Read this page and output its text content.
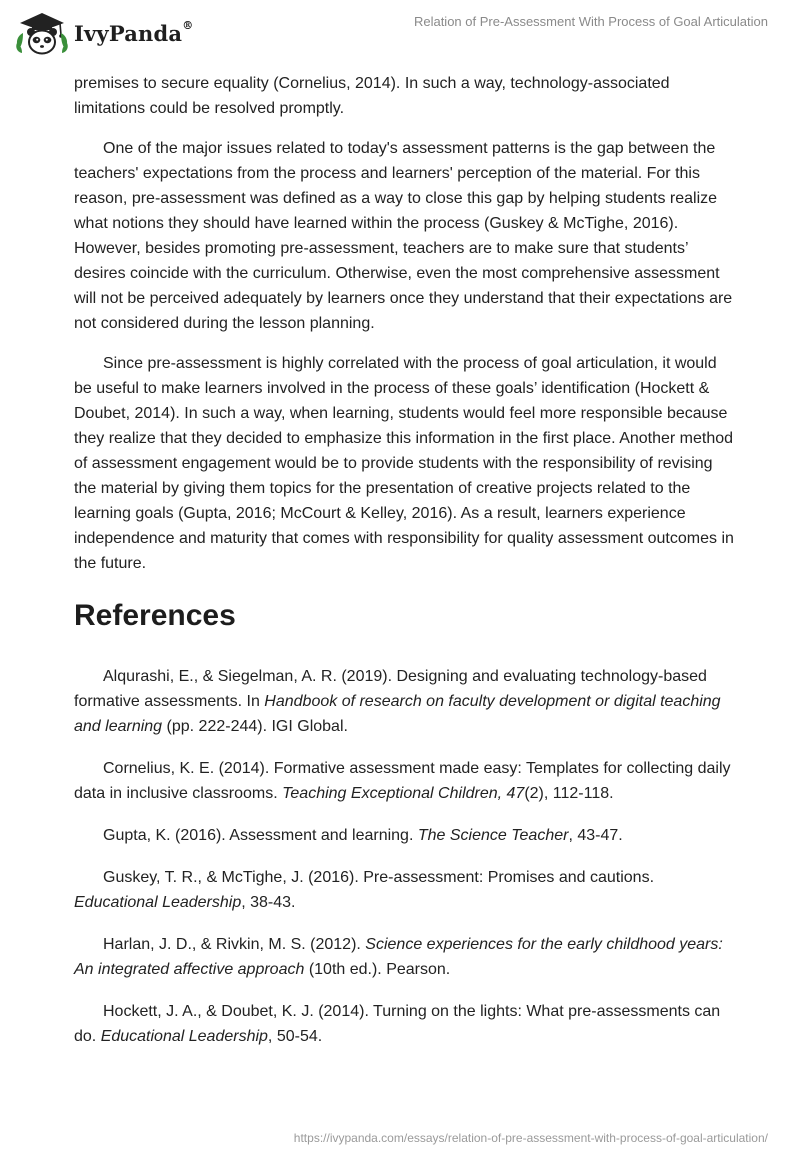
IvyPanda®	Relation of Pre-Assessment With Process of Goal Articulation

premises to secure equality (Cornelius, 2014). In such a way, technology-associated limitations could be resolved promptly.

One of the major issues related to today's assessment patterns is the gap between the teachers' expectations from the process and learners' perception of the material. For this reason, pre-assessment was defined as a way to close this gap by helping students realize what notions they should have learned within the process (Guskey & McTighe, 2016). However, besides promoting pre-assessment, teachers are to make sure that students’ desires coincide with the curriculum. Otherwise, even the most comprehensive assessment will not be perceived adequately by learners once they understand that their expectations are not considered during the lesson planning.

Since pre-assessment is highly correlated with the process of goal articulation, it would be useful to make learners involved in the process of these goals’ identification (Hockett & Doubet, 2014). In such a way, when learning, students would feel more responsible because they realize that they decided to emphasize this information in the first place. Another method of assessment engagement would be to provide students with the responsibility of revising the material by giving them topics for the presentation of creative projects related to the learning goals (Gupta, 2016; McCourt & Kelley, 2016). As a result, learners experience independence and maturity that comes with responsibility for quality assessment outcomes in the future.

References

Alqurashi, E., & Siegelman, A. R. (2019). Designing and evaluating technology-based formative assessments. In Handbook of research on faculty development or digital teaching and learning (pp. 222-244). IGI Global.

Cornelius, K. E. (2014). Formative assessment made easy: Templates for collecting daily data in inclusive classrooms. Teaching Exceptional Children, 47(2), 112-118.

Gupta, K. (2016). Assessment and learning. The Science Teacher, 43-47.

Guskey, T. R., & McTighe, J. (2016). Pre-assessment: Promises and cautions. Educational Leadership, 38-43.

Harlan, J. D., & Rivkin, M. S. (2012). Science experiences for the early childhood years: An integrated affective approach (10th ed.). Pearson.

Hockett, J. A., & Doubet, K. J. (2014). Turning on the lights: What pre-assessments can do. Educational Leadership, 50-54.

https://ivypanda.com/essays/relation-of-pre-assessment-with-process-of-goal-articulation/
